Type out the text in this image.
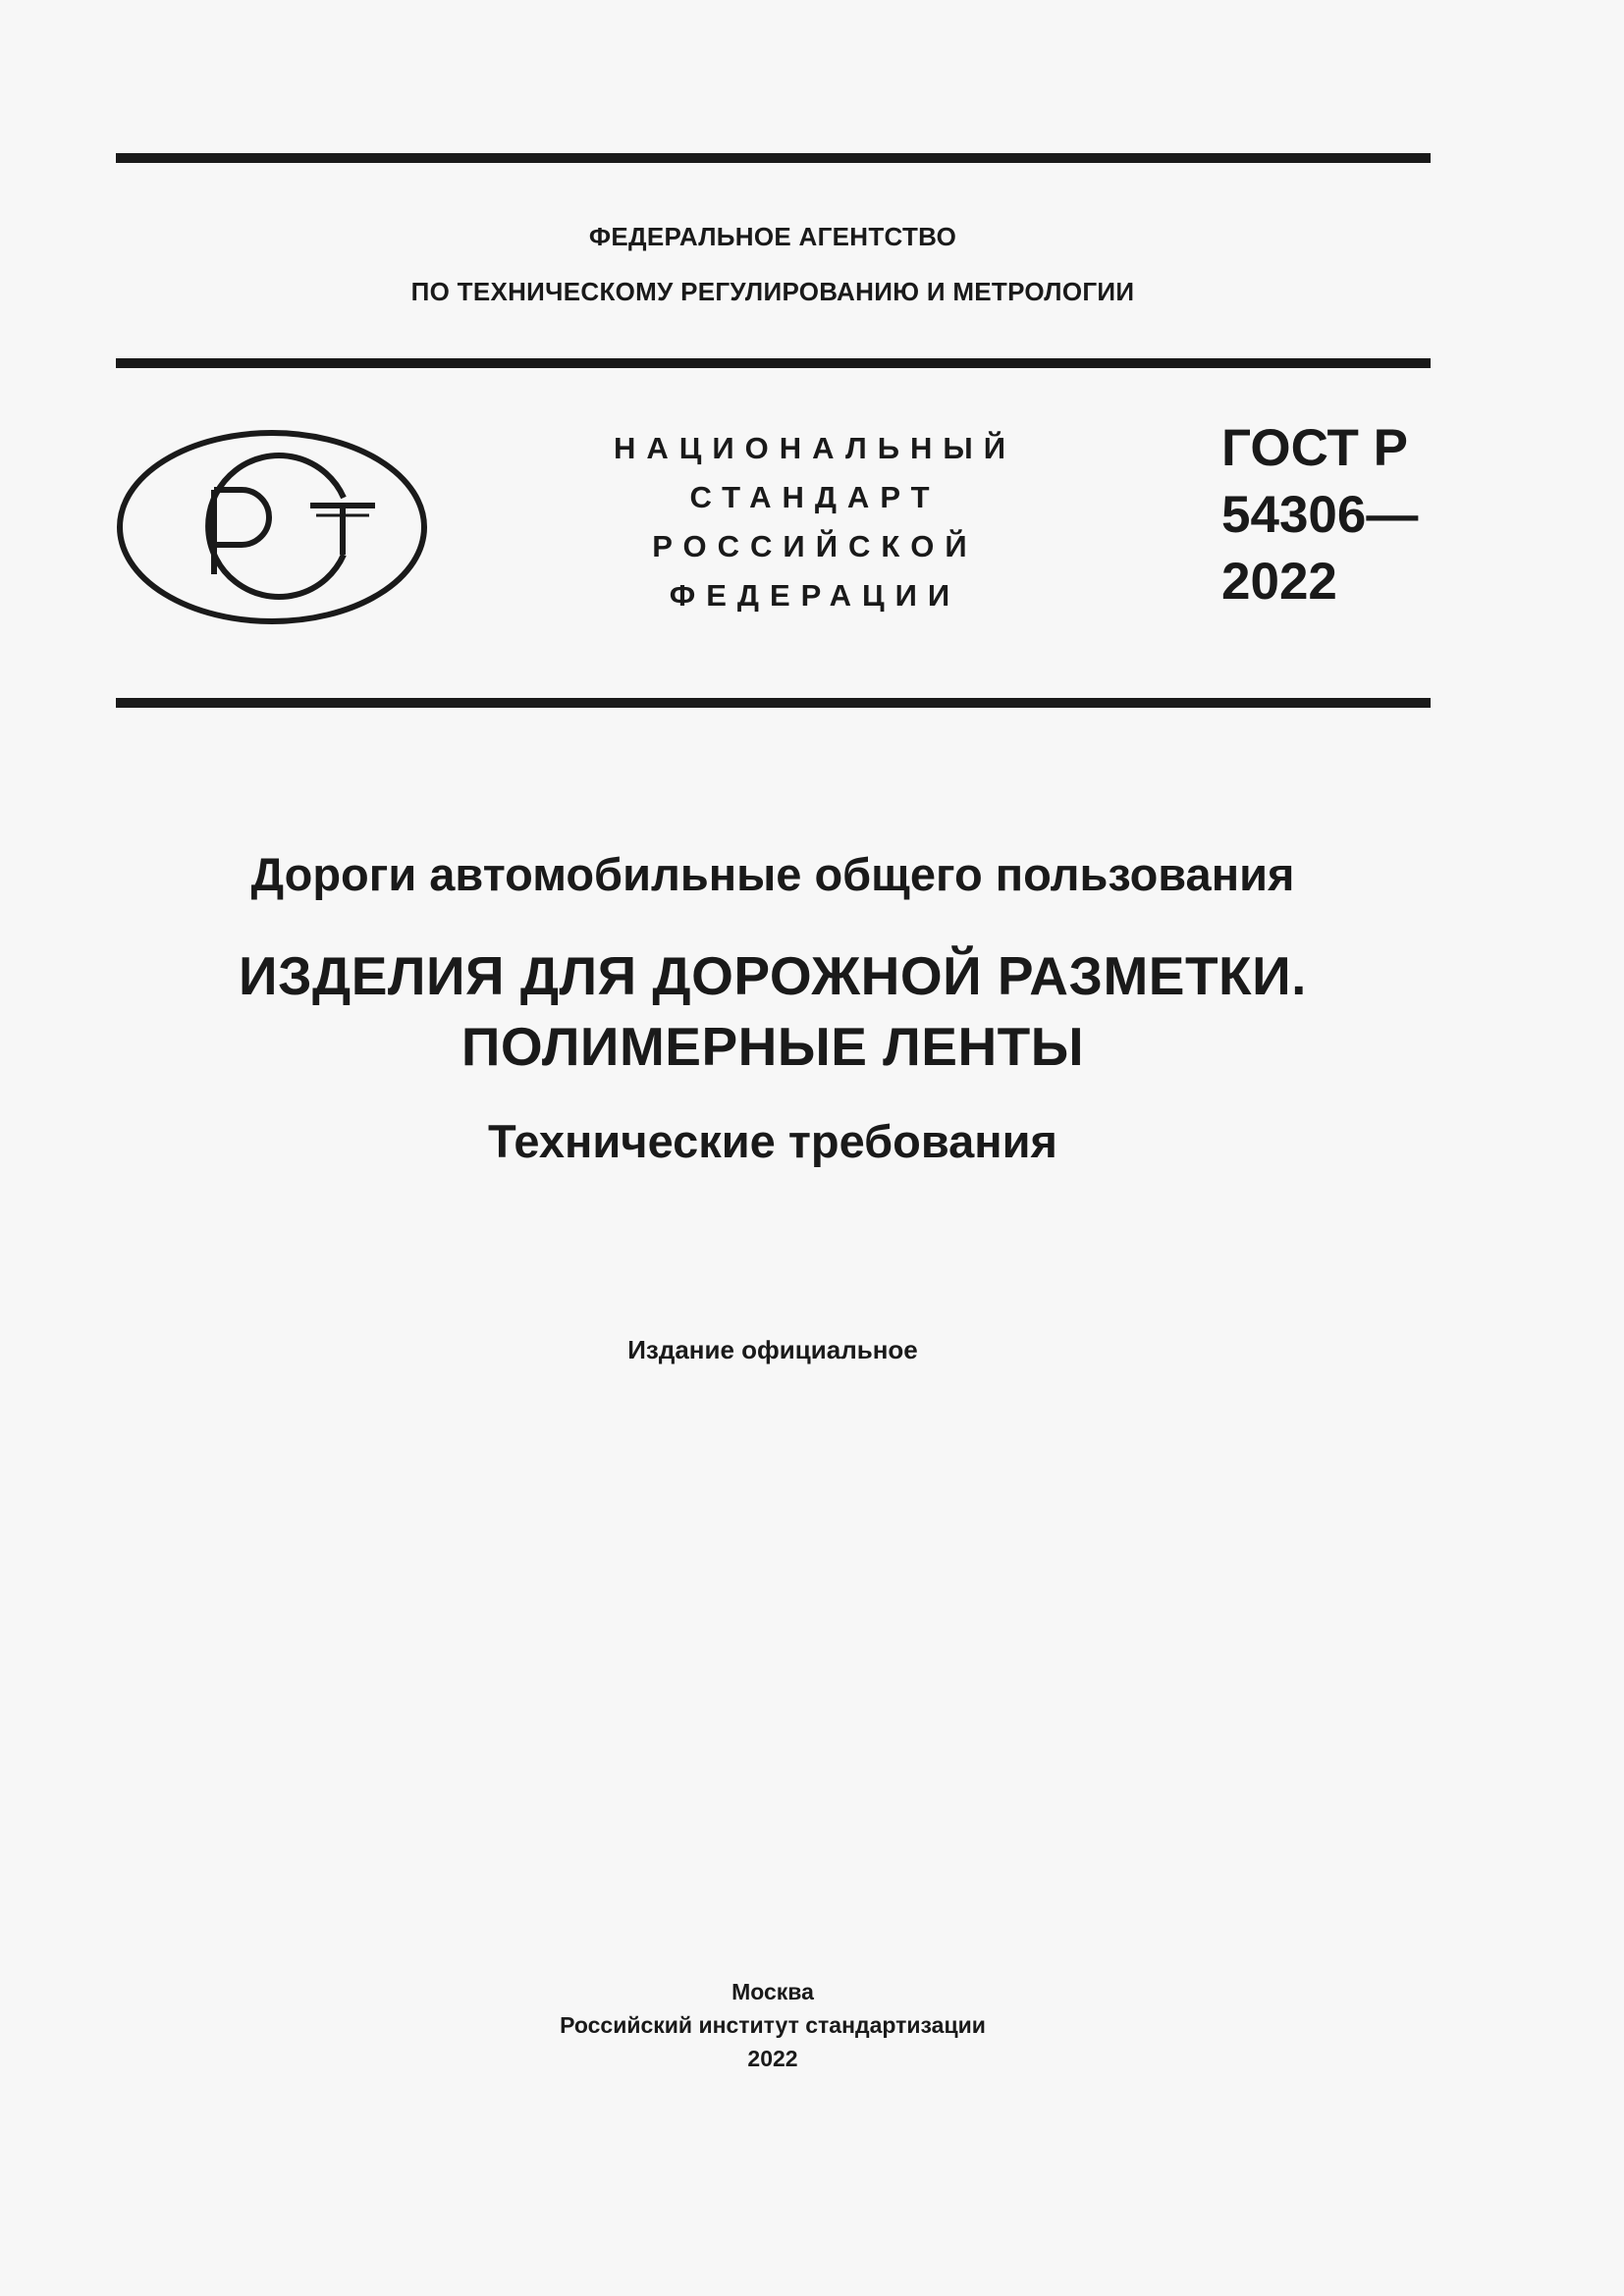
ФЕДЕРАЛЬНОЕ АГЕНТСТВО
ПО ТЕХНИЧЕСКОМУ РЕГУЛИРОВАНИЮ И МЕТРОЛОГИИ
НАЦИОНАЛЬНЫЙ
СТАНДАРТ
РОССИЙСКОЙ
ФЕДЕРАЦИИ
ГОСТ Р
54306—
2022
Дороги автомобильные общего пользования
ИЗДЕЛИЯ ДЛЯ ДОРОЖНОЙ РАЗМЕТКИ.
ПОЛИМЕРНЫЕ ЛЕНТЫ
Технические требования
Издание официальное
Москва
Российский институт стандартизации
2022
